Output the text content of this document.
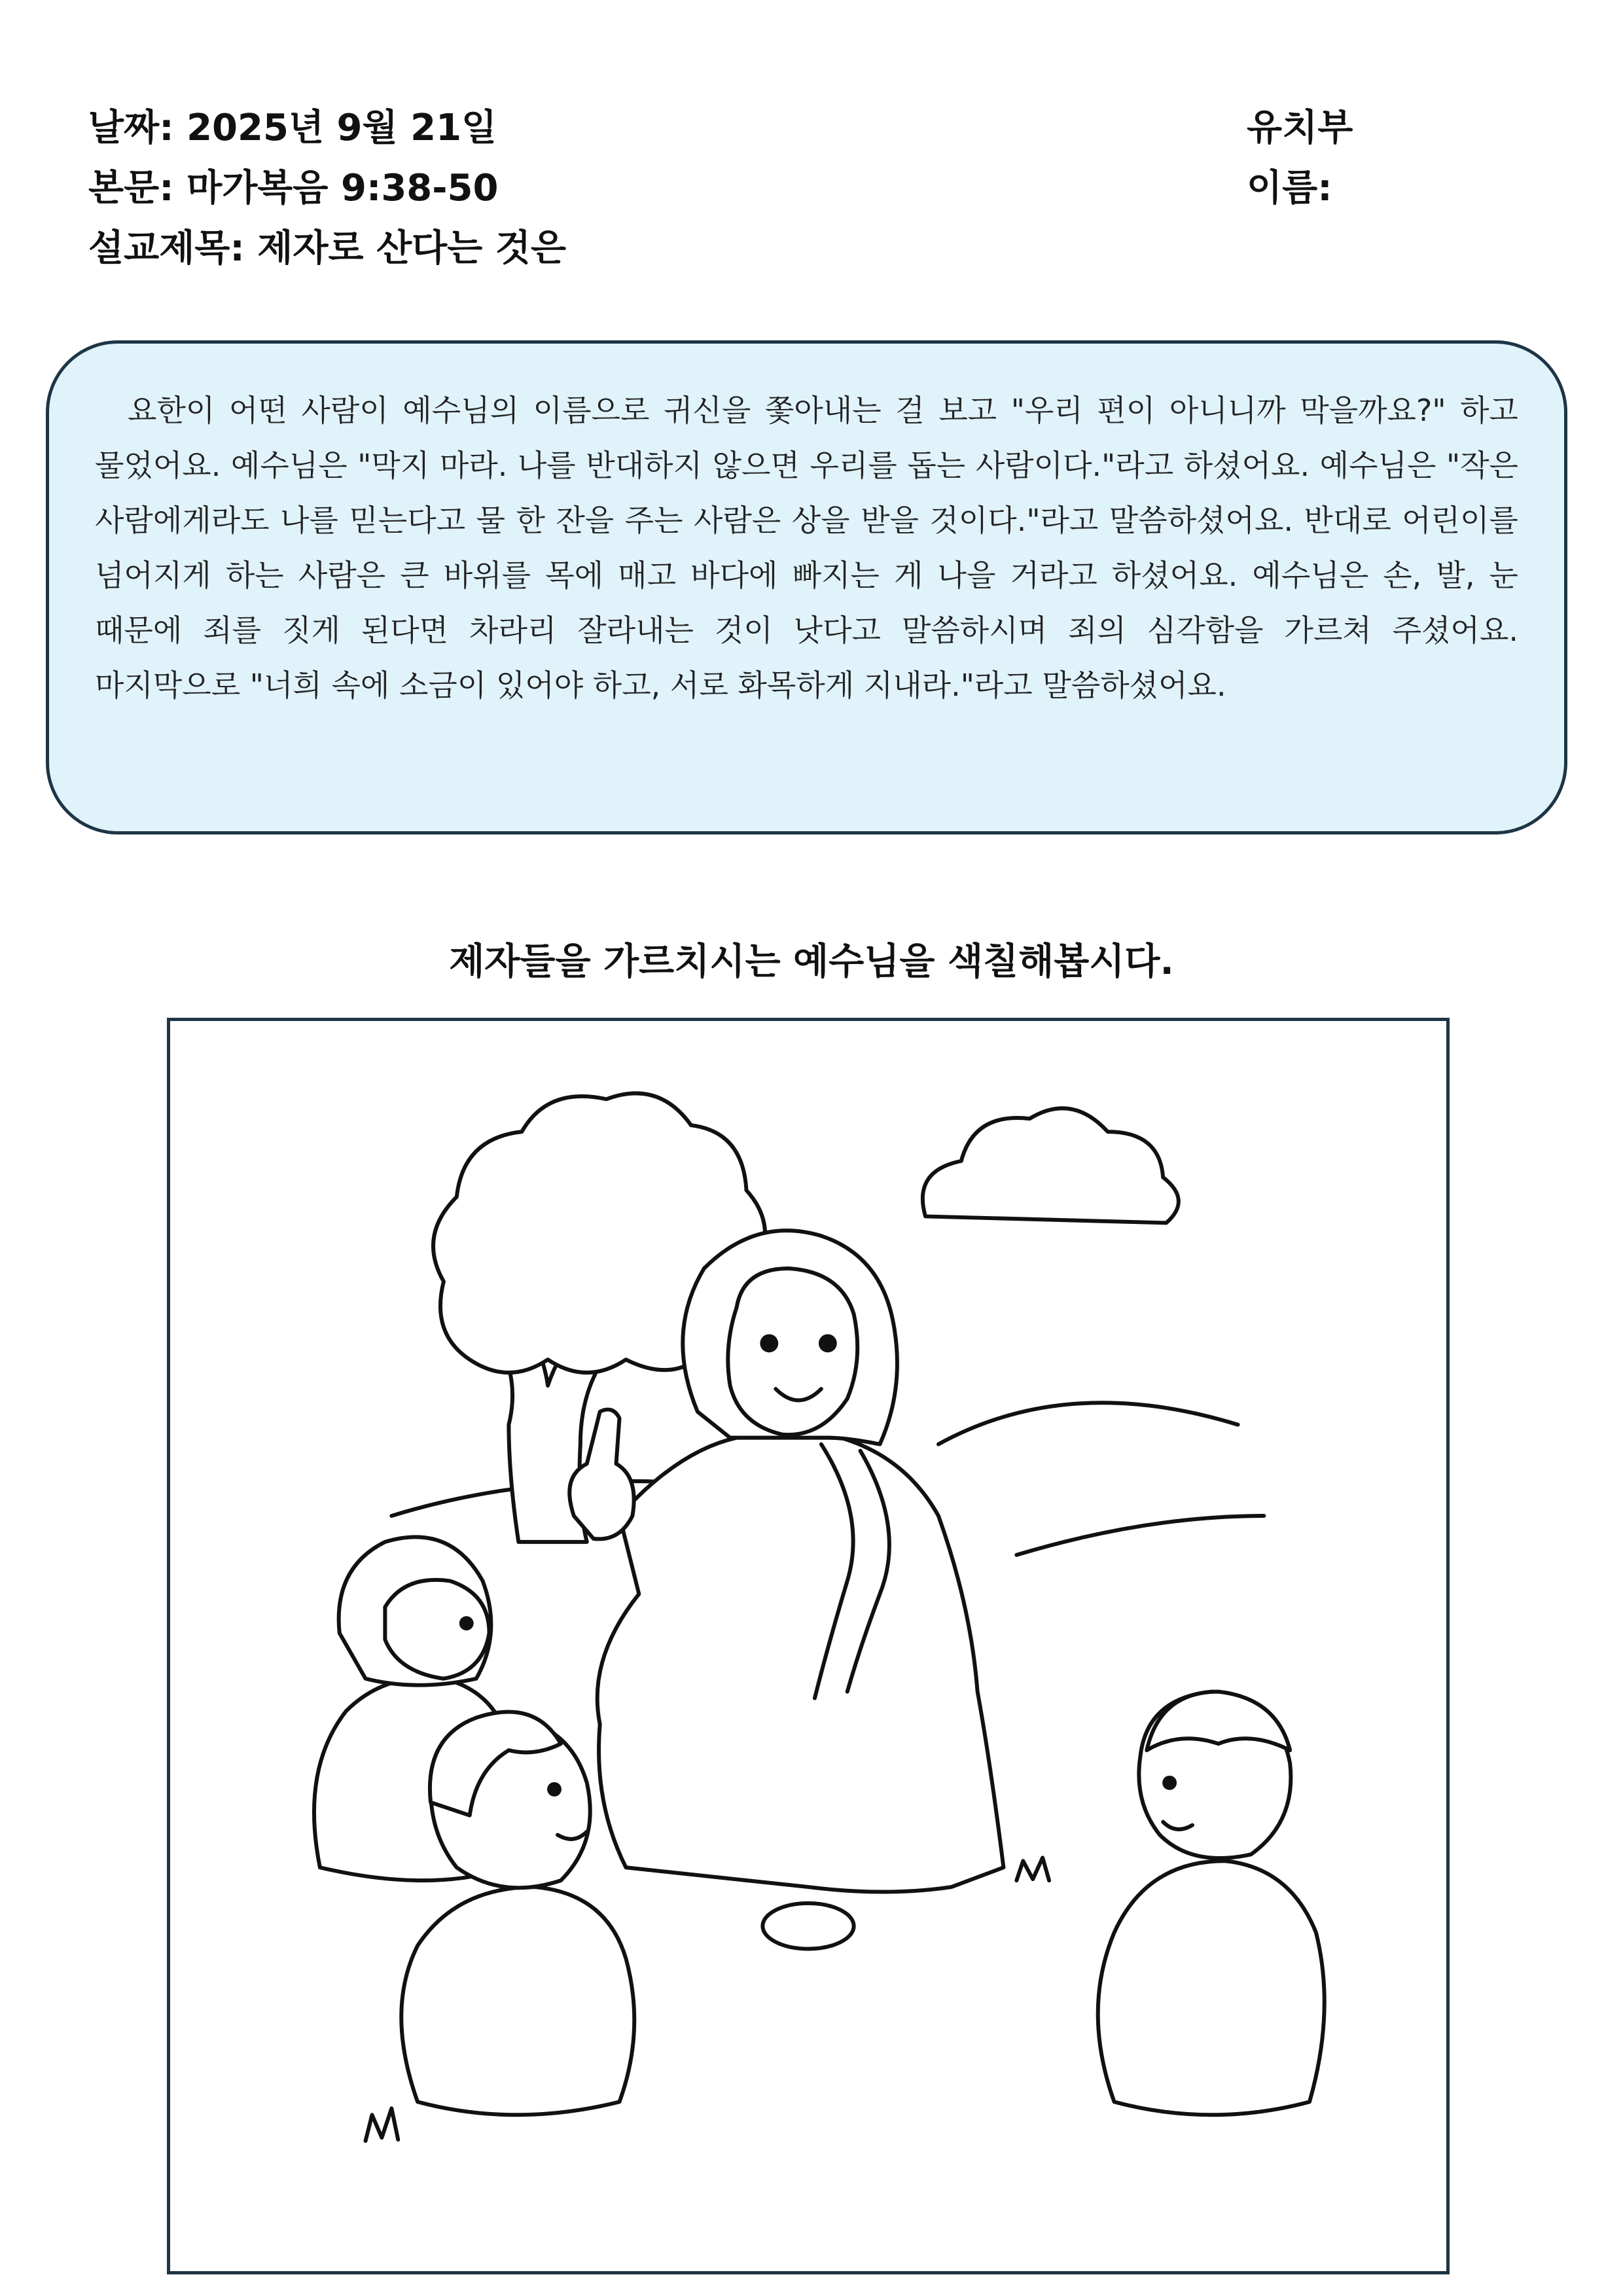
날짜: 2025년 9월 21일
본문: 마가복음 9:38-50
설교제목: 제자로 산다는 것은
유치부
이름:

요한이 어떤 사람이 예수님의 이름으로 귀신을 쫓아내는 걸 보고 "우리 편이 아니니까 막을까요?" 하고 물었어요. 예수님은 "막지 마라. 나를 반대하지 않으면 우리를 돕는 사람이다."라고 하셨어요. 예수님은 "작은 사람에게라도 나를 믿는다고 물 한 잔을 주는 사람은 상을 받을 것이다."라고 말씀하셨어요. 반대로 어린이를 넘어지게 하는 사람은 큰 바위를 목에 매고 바다에 빠지는 게 나을 거라고 하셨어요. 예수님은 손, 발, 눈 때문에 죄를 짓게 된다면 차라리 잘라내는 것이 낫다고 말씀하시며 죄의 심각함을 가르쳐 주셨어요. 마지막으로 "너희 속에 소금이 있어야 하고, 서로 화목하게 지내라."라고 말씀하셨어요.

제자들을 가르치시는 예수님을 색칠해봅시다.
